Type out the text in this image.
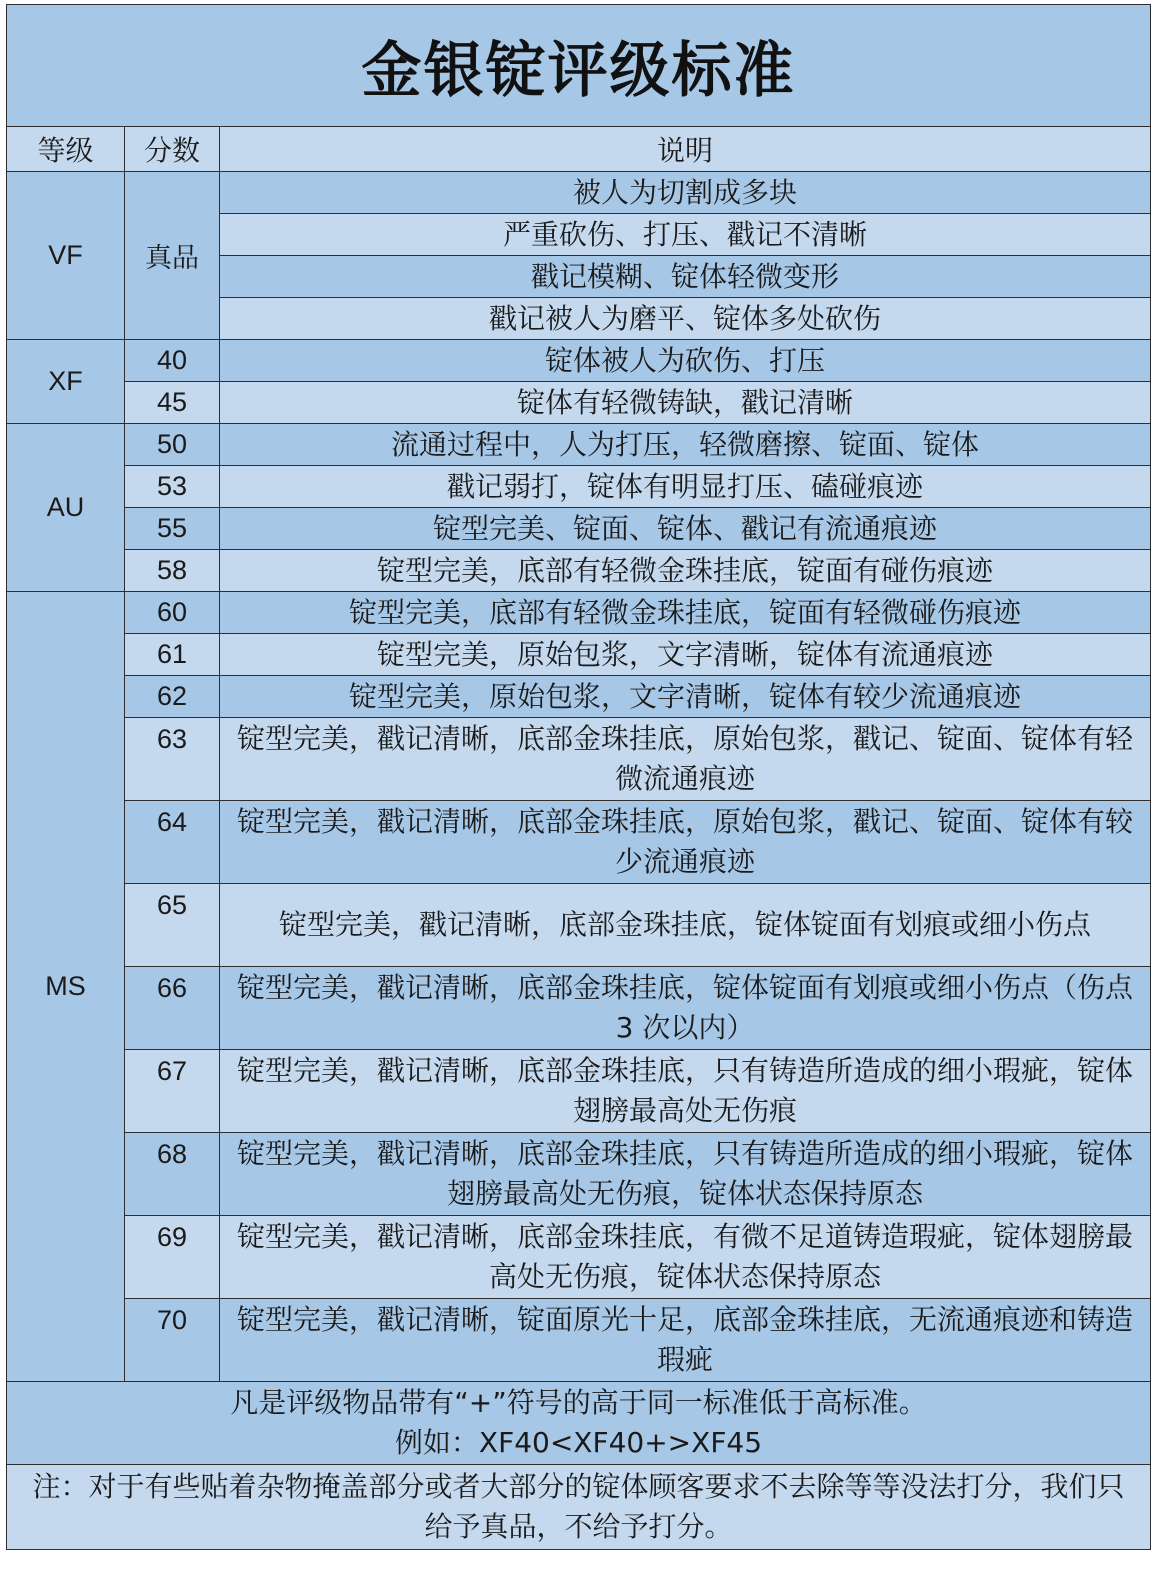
金银锭评级标准		
等级	分数	说明
VF	真品	被人为切割成多块
		严重砍伤、打压、戳记不清晰
		戳记模糊、锭体轻微变形
		戳记被人为磨平、锭体多处砍伤
XF	40	锭体被人为砍伤、打压
	45	锭体有轻微铸缺，戳记清晰
AU	50	流通过程中，人为打压，轻微磨擦、锭面、锭体
	53	戳记弱打，锭体有明显打压、磕碰痕迹
	55	锭型完美、锭面、锭体、戳记有流通痕迹
	58	锭型完美，底部有轻微金珠挂底，锭面有碰伤痕迹
MS	60	锭型完美，底部有轻微金珠挂底，锭面有轻微碰伤痕迹
	61	锭型完美，原始包浆，文字清晰，锭体有流通痕迹
	62	锭型完美，原始包浆，文字清晰，锭体有较少流通痕迹
	63	锭型完美，戳记清晰，底部金珠挂底，原始包浆，戳记、锭面、锭体有轻微流通痕迹
	64	锭型完美，戳记清晰，底部金珠挂底，原始包浆，戳记、锭面、锭体有较少流通痕迹
	65	锭型完美，戳记清晰，底部金珠挂底，锭体锭面有划痕或细小伤点
	66	锭型完美，戳记清晰，底部金珠挂底，锭体锭面有划痕或细小伤点（伤点 3 次以内）
	67	锭型完美，戳记清晰，底部金珠挂底，只有铸造所造成的细小瑕疵，锭体翅膀最高处无伤痕
	68	锭型完美，戳记清晰，底部金珠挂底，只有铸造所造成的细小瑕疵，锭体翅膀最高处无伤痕，锭体状态保持原态
	69	锭型完美，戳记清晰，底部金珠挂底，有微不足道铸造瑕疵，锭体翅膀最高处无伤痕，锭体状态保持原态
	70	锭型完美，戳记清晰，锭面原光十足，底部金珠挂底，无流通痕迹和铸造瑕疵

凡是评级物品带有“+”符号的高于同一标准低于高标准。
例如：XF40<XF40+>XF45		

注：对于有些贴着杂物掩盖部分或者大部分的锭体顾客要求不去除等等没法打分，我们只给予真品，不给予打分。		
